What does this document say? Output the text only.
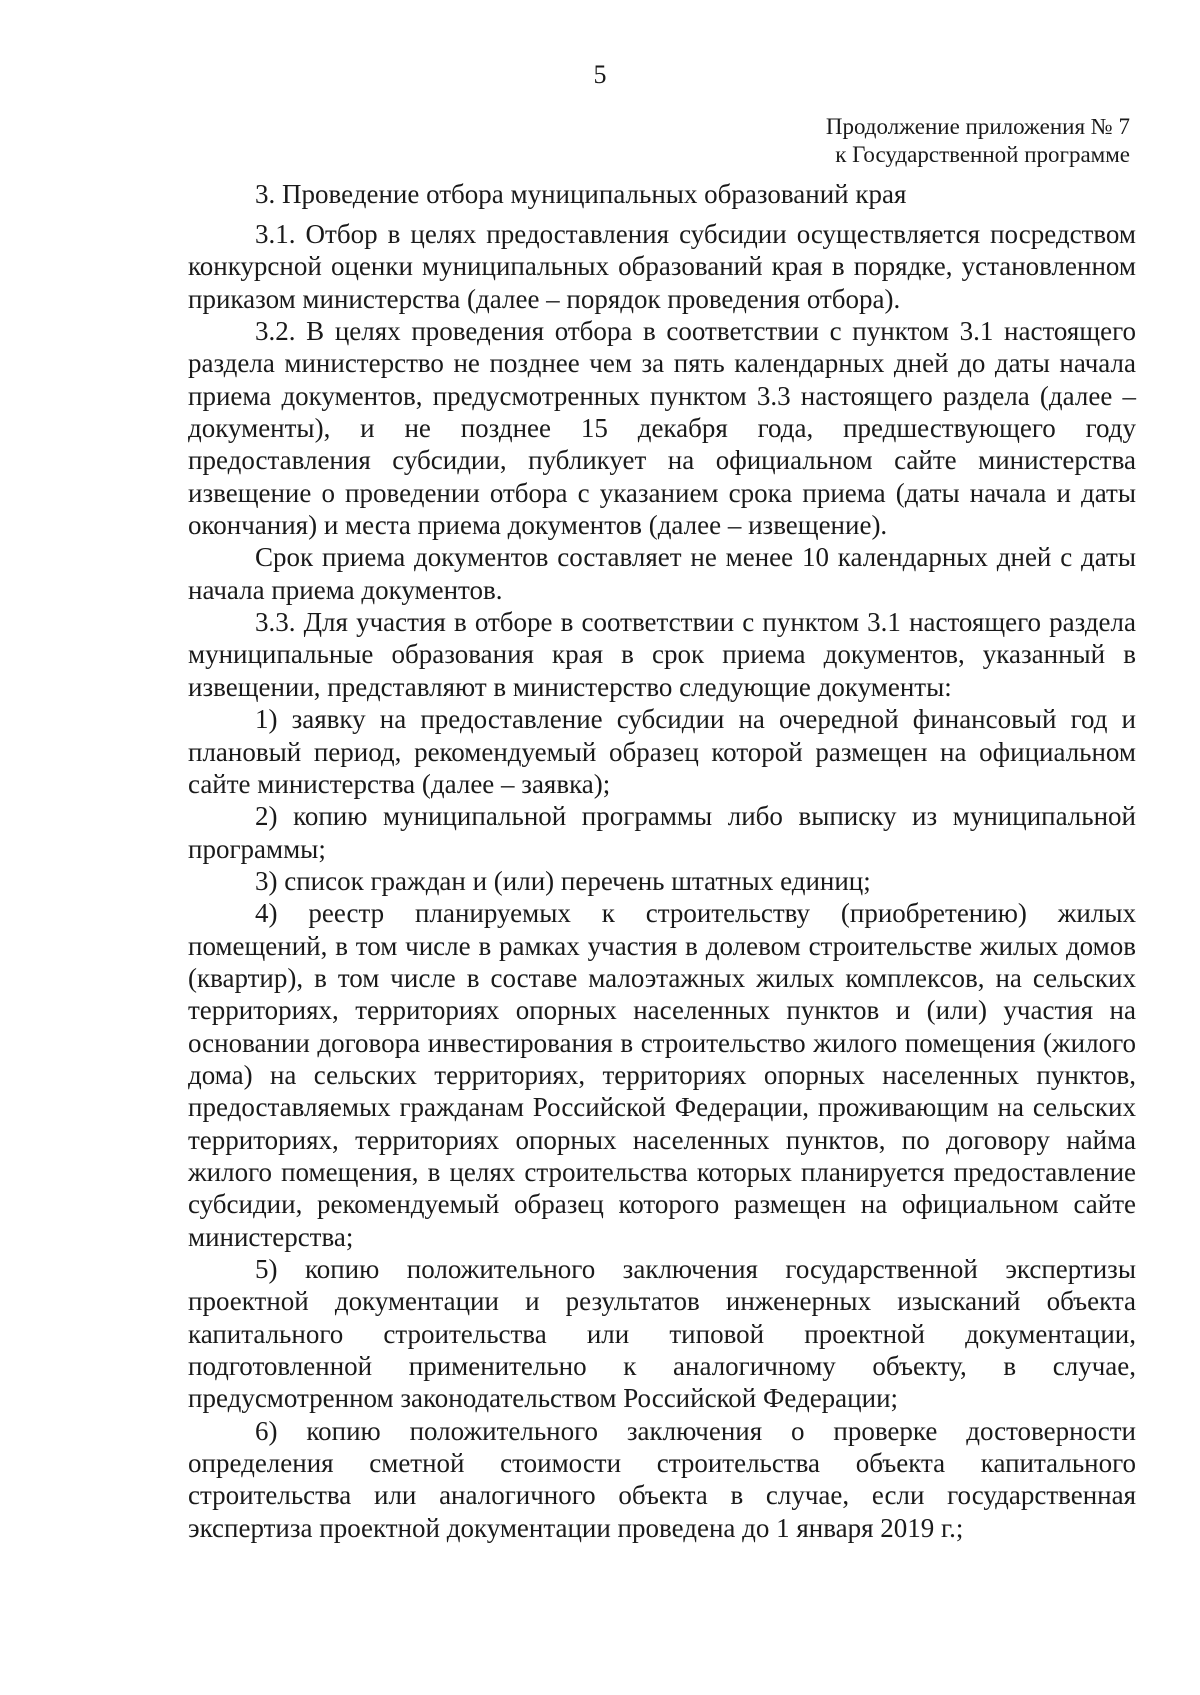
5
Продолжение приложения № 7
к Государственной программе
3. Проведение отбора муниципальных образований края

3.1. Отбор в целях предоставления субсидии осуществляется посредством конкурсной оценки муниципальных образований края в порядке, установленном приказом министерства (далее – порядок проведения отбора).

3.2. В целях проведения отбора в соответствии с пунктом 3.1 настоящего раздела министерство не позднее чем за пять календарных дней до даты начала приема документов, предусмотренных пунктом 3.3 настоящего раздела (далее – документы), и не позднее 15 декабря года, предшествующего году предоставления субсидии, публикует на официальном сайте министерства извещение о проведении отбора с указанием срока приема (даты начала и даты окончания) и места приема документов (далее – извещение).

Срок приема документов составляет не менее 10 календарных дней с даты начала приема документов.

3.3. Для участия в отборе в соответствии с пунктом 3.1 настоящего раздела муниципальные образования края в срок приема документов, указанный в извещении, представляют в министерство следующие документы:

1) заявку на предоставление субсидии на очередной финансовый год и плановый период, рекомендуемый образец которой размещен на официальном сайте министерства (далее – заявка);

2) копию муниципальной программы либо выписку из муниципальной программы;

3) список граждан и (или) перечень штатных единиц;

4) реестр планируемых к строительству (приобретению) жилых помещений, в том числе в рамках участия в долевом строительстве жилых домов (квартир), в том числе в составе малоэтажных жилых комплексов, на сельских территориях, территориях опорных населенных пунктов и (или) участия на основании договора инвестирования в строительство жилого помещения (жилого дома) на сельских территориях, территориях опорных населенных пунктов, предоставляемых гражданам Российской Федерации, проживающим на сельских территориях, территориях опорных населенных пунктов, по договору найма жилого помещения, в целях строительства которых планируется предоставление субсидии, рекомендуемый образец которого размещен на официальном сайте министерства;

5) копию положительного заключения государственной экспертизы проектной документации и результатов инженерных изысканий объекта капитального строительства или типовой проектной документации, подготовленной применительно к аналогичному объекту, в случае, предусмотренном законодательством Российской Федерации;

6) копию положительного заключения о проверке достоверности определения сметной стоимости строительства объекта капитального строительства или аналогичного объекта в случае, если государственная экспертиза проектной документации проведена до 1 января 2019 г.;
